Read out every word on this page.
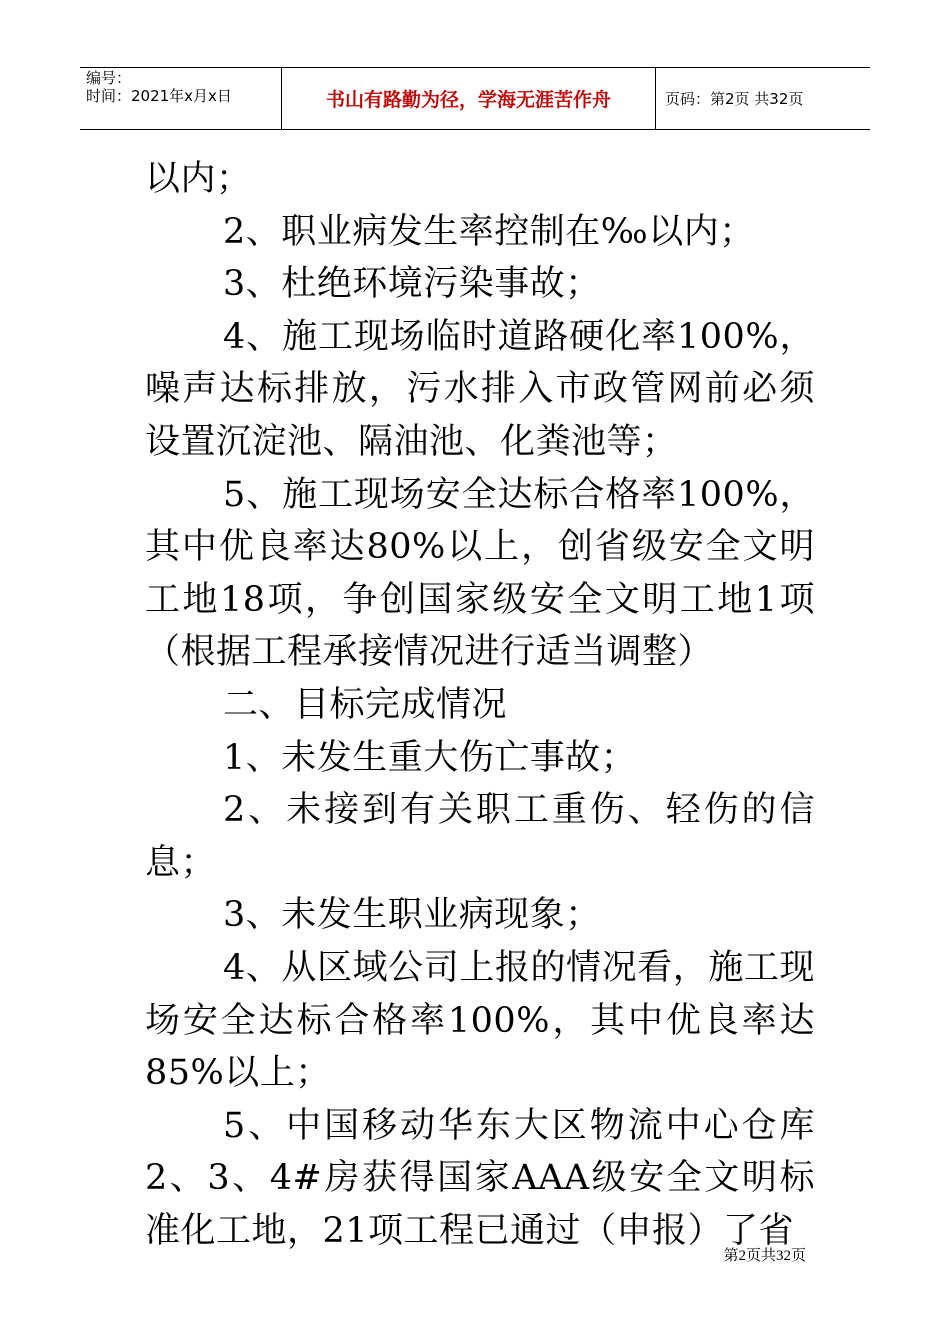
编号：
时间：2021年x月x日	书山有路勤为径，学海无涯苦作舟	页码：第2页 共32页

以内；

2、职业病发生率控制在‰以内；

3、杜绝环境污染事故；

4、施工现场临时道路硬化率100%，噪声达标排放，污水排入市政管网前必须设置沉淀池、隔油池、化粪池等；

5、施工现场安全达标合格率100%，其中优良率达80%以上，创省级安全文明工地18项，争创国家级安全文明工地1项（根据工程承接情况进行适当调整）

二、目标完成情况

1、未发生重大伤亡事故；

2、未接到有关职工重伤、轻伤的信息；

3、未发生职业病现象；

4、从区域公司上报的情况看，施工现场安全达标合格率100%，其中优良率达85%以上；

5、中国移动华东大区物流中心仓库2、3、4#房获得国家AAA级安全文明标准化工地，21项工程已通过（申报）了省

第2页共32页
